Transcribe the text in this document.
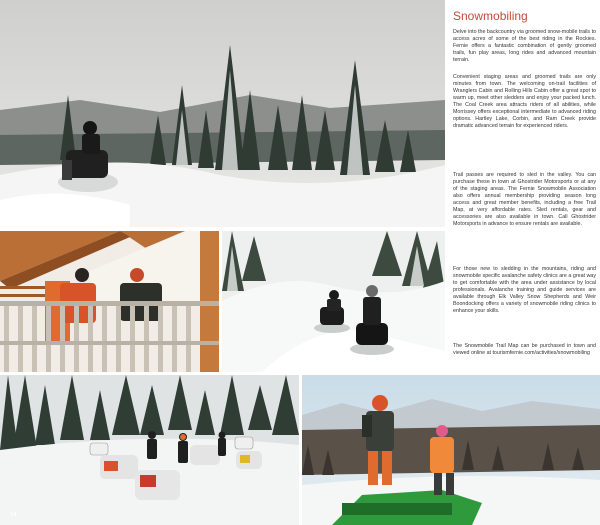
Snowmobiling

Delve into the backcountry via groomed snow-mobile trails to access acres of some of the best riding in the Rockies. Fernie offers a fantastic combination of gently groomed trails, fun play areas, long rides and advanced mountain terrain.

Convenient staging areas and groomed trails are only minutes from town. The welcoming on-trail facilities of Wranglers Cabin and Rolling Hills Cabin offer a great spot to warm up, meet other sledders and enjoy your packed lunch. The Coal Creek area attracts riders of all abilities, while Morrissey offers exceptional intermediate to advanced riding options. Hartley Lake, Corbin, and Ram Creek provide dramatic advanced terrain for experienced riders.

Trail passes are required to sled in the valley. You can purchase these in town at Ghostrider Motorsports or at any of the staging areas. The Fernie Snowmobile Association also offers annual membership providing season long access and great member benefits, including a free Trail Map, at very affordable rates. Sled rentals, gear and accessories are also available in town. Call Ghostrider Motorsports in advance to ensure rentals are available.

For those new to sledding in the mountains, riding and snowmobile specific avalanche safety clinics are a great way to get comfortable with the area under assistance by local professionals. Avalanche training and guide services are available through Elk Valley Snow Shepherds and Weir Boondocking offers a variety of snowmobile riding clinics to enhance your skills.

The Snowmobile Trail Map can be purchased in town and viewed online at tourismfernie.com/activities/snowmobiling

14
